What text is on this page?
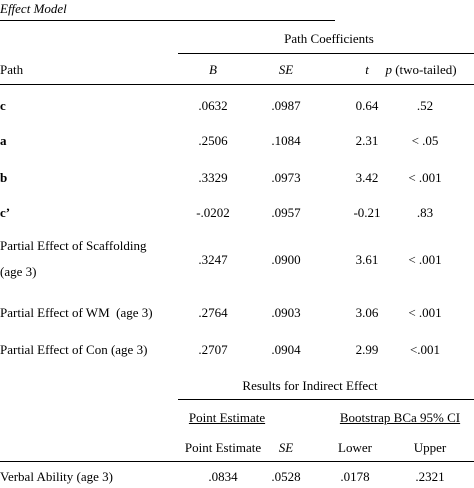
Effect Model
Path Coefficients
Path	B	SE	t p (two-tailed)
c	.0632	.0987	0.64	.52
a	.2506	.1084	2.31	< .05
b	.3329	.0973	3.42 < .001
c’	-.0202	.0957	-0.21	.83
Partial Effect of Scaffolding
(age 3)
.3247	.0900	3.61 < .001
Partial Effect of WM  (age 3)	.2764	.0903	3.06 < .001
Partial Effect of Con (age 3)	.2707	.0904	2.99 <.001
Results for Indirect Effect
Point Estimate	Bootstrap BCa 95% CI
Point Estimate SE	Lower	Upper
Verbal Ability (age 3)	.0834	.0528	.0178	.2321
